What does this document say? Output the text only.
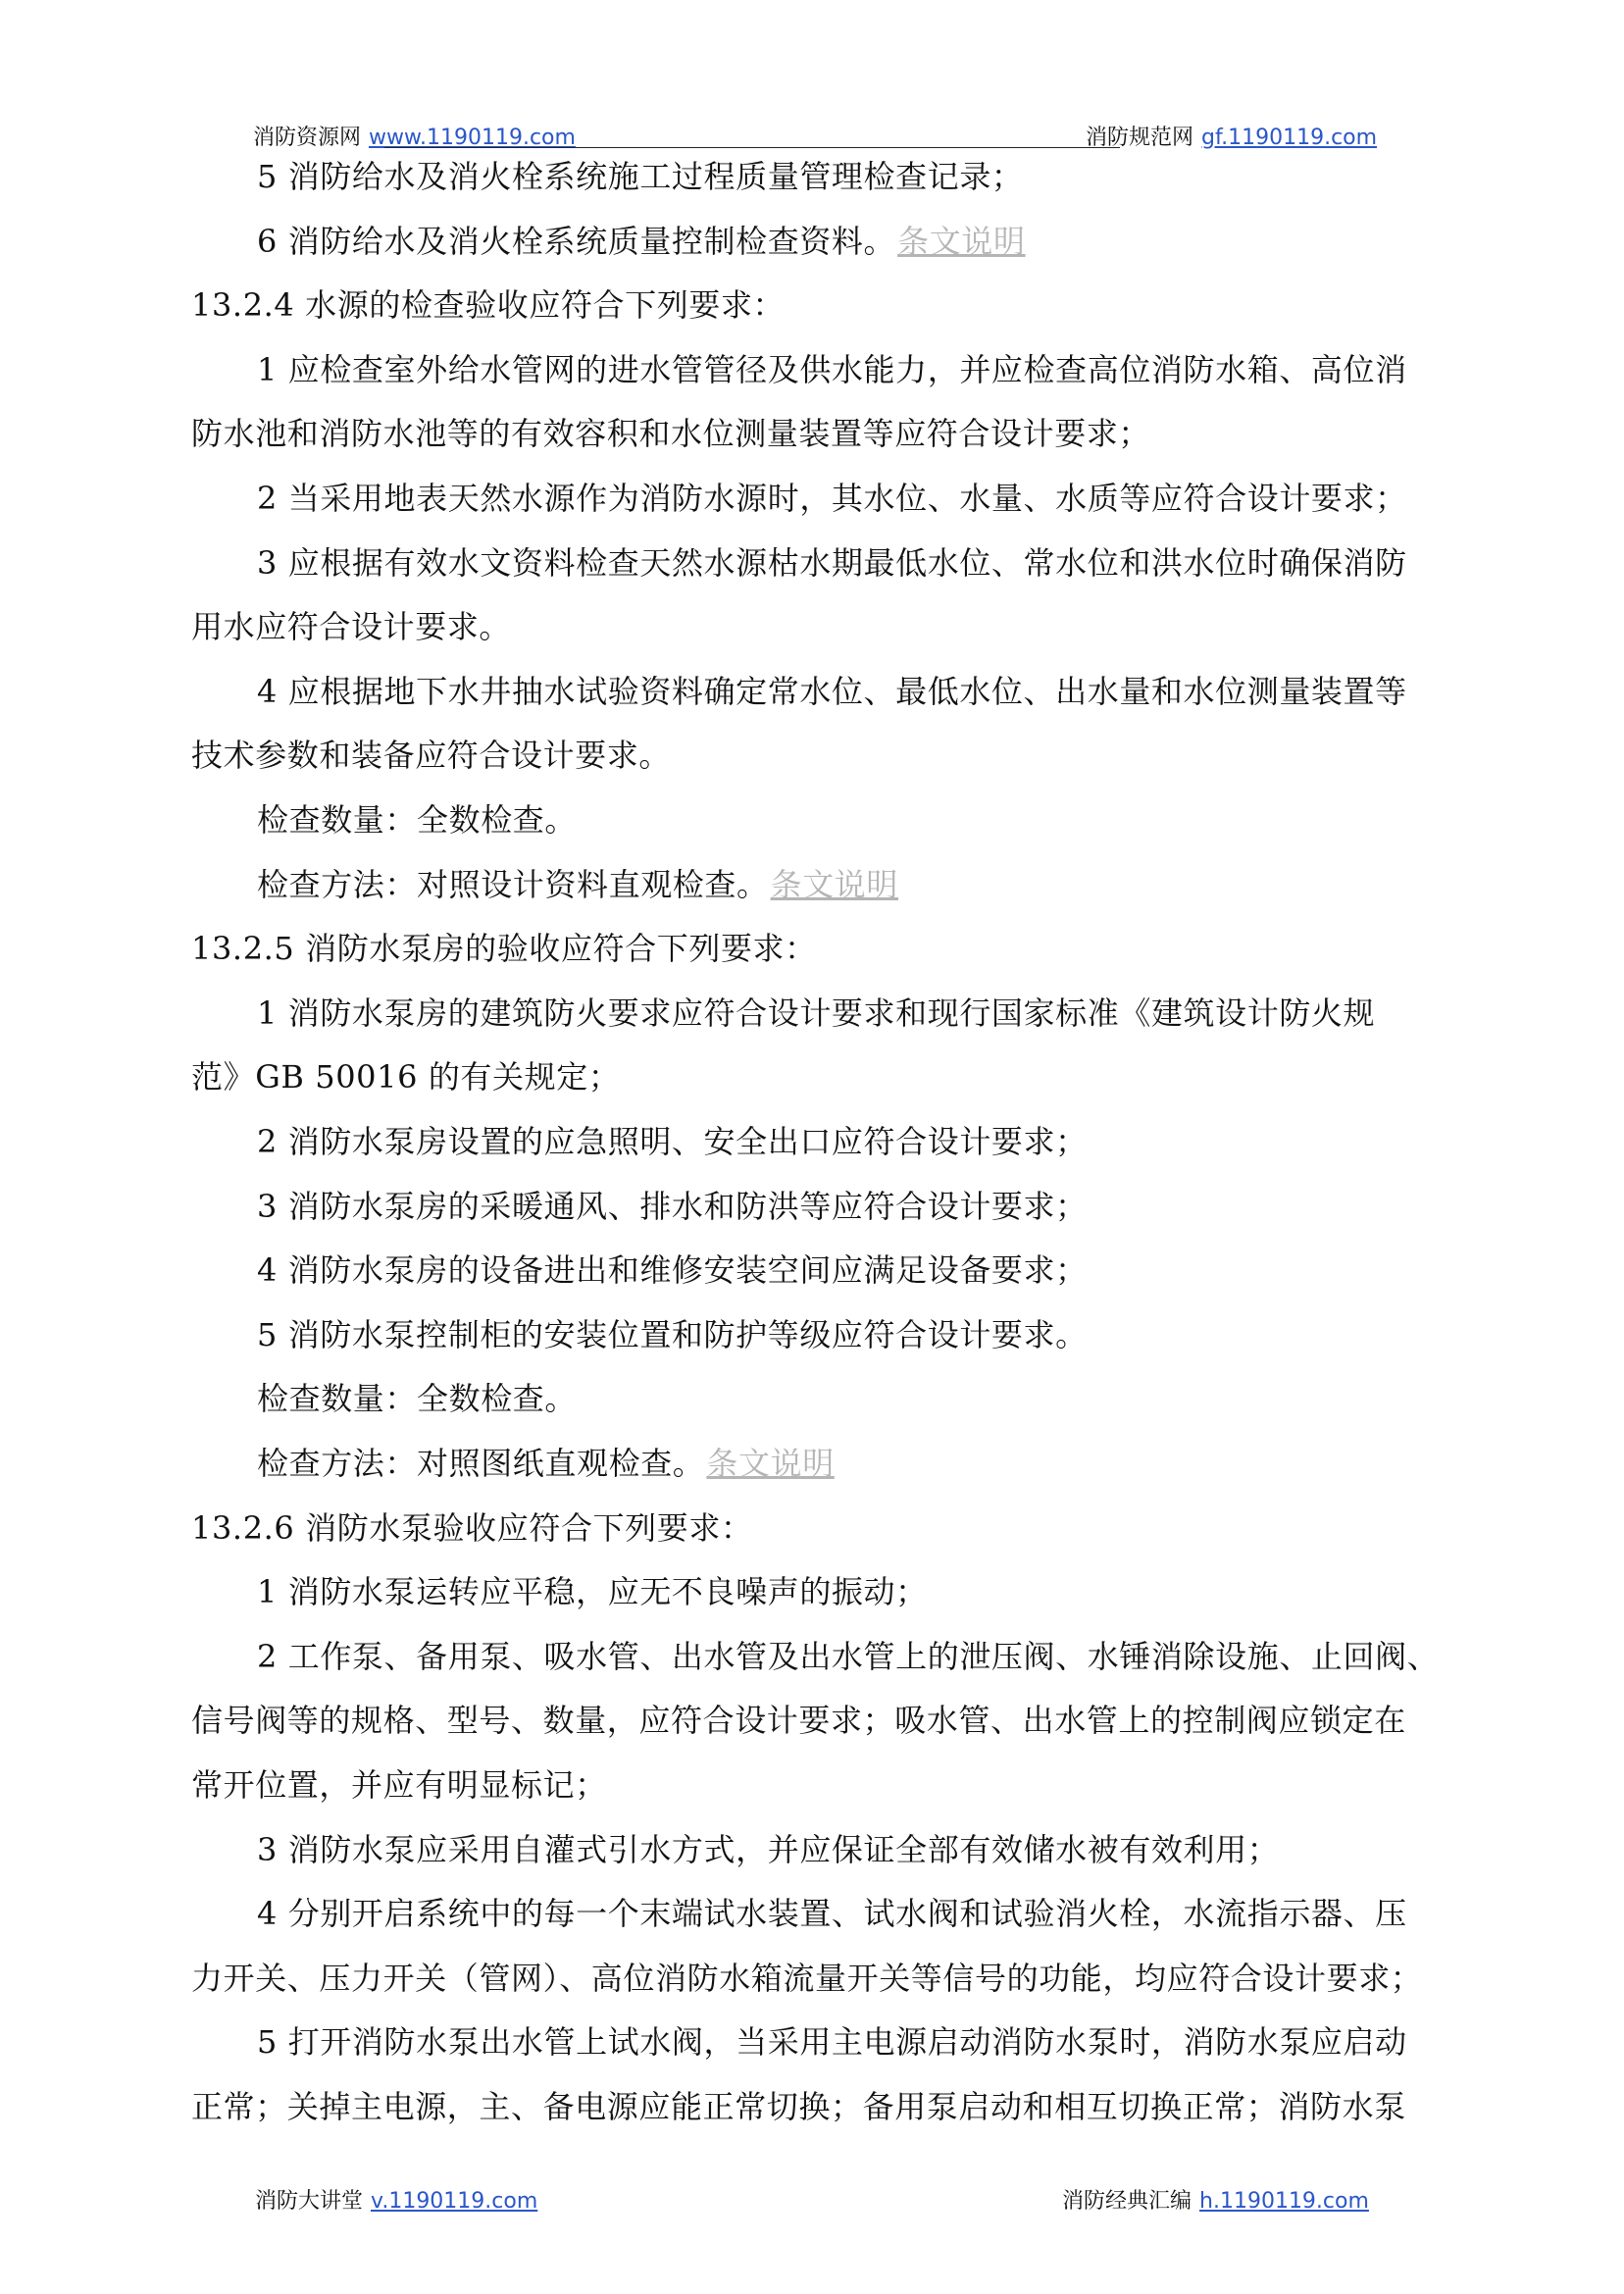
消防资源网 www.1190119.com	消防规范网 gf.1190119.com
5 消防给水及消火栓系统施工过程质量管理检查记录；
6 消防给水及消火栓系统质量控制检查资料。条文说明
13.2.4 水源的检查验收应符合下列要求：
1 应检查室外给水管网的进水管管径及供水能力，并应检查高位消防水箱、高位消
防水池和消防水池等的有效容积和水位测量装置等应符合设计要求；
2 当采用地表天然水源作为消防水源时，其水位、水量、水质等应符合设计要求；
3 应根据有效水文资料检查天然水源枯水期最低水位、常水位和洪水位时确保消防
用水应符合设计要求。
4 应根据地下水井抽水试验资料确定常水位、最低水位、出水量和水位测量装置等
技术参数和装备应符合设计要求。
检查数量：全数检查。
检查方法：对照设计资料直观检查。条文说明
13.2.5 消防水泵房的验收应符合下列要求：
1 消防水泵房的建筑防火要求应符合设计要求和现行国家标准《建筑设计防火规
范》GB 50016 的有关规定；
2 消防水泵房设置的应急照明、安全出口应符合设计要求；
3 消防水泵房的采暖通风、排水和防洪等应符合设计要求；
4 消防水泵房的设备进出和维修安装空间应满足设备要求；
5 消防水泵控制柜的安装位置和防护等级应符合设计要求。
检查数量：全数检查。
检查方法：对照图纸直观检查。条文说明
13.2.6 消防水泵验收应符合下列要求：
1 消防水泵运转应平稳，应无不良噪声的振动；
2 工作泵、备用泵、吸水管、出水管及出水管上的泄压阀、水锤消除设施、止回阀、
信号阀等的规格、型号、数量，应符合设计要求；吸水管、出水管上的控制阀应锁定在
常开位置，并应有明显标记；
3 消防水泵应采用自灌式引水方式，并应保证全部有效储水被有效利用；
4 分别开启系统中的每一个末端试水装置、试水阀和试验消火栓，水流指示器、压
力开关、压力开关（管网）、高位消防水箱流量开关等信号的功能，均应符合设计要求；
5 打开消防水泵出水管上试水阀，当采用主电源启动消防水泵时，消防水泵应启动
正常；关掉主电源，主、备电源应能正常切换；备用泵启动和相互切换正常；消防水泵
消防大讲堂 v.1190119.com	消防经典汇编 h.1190119.com
